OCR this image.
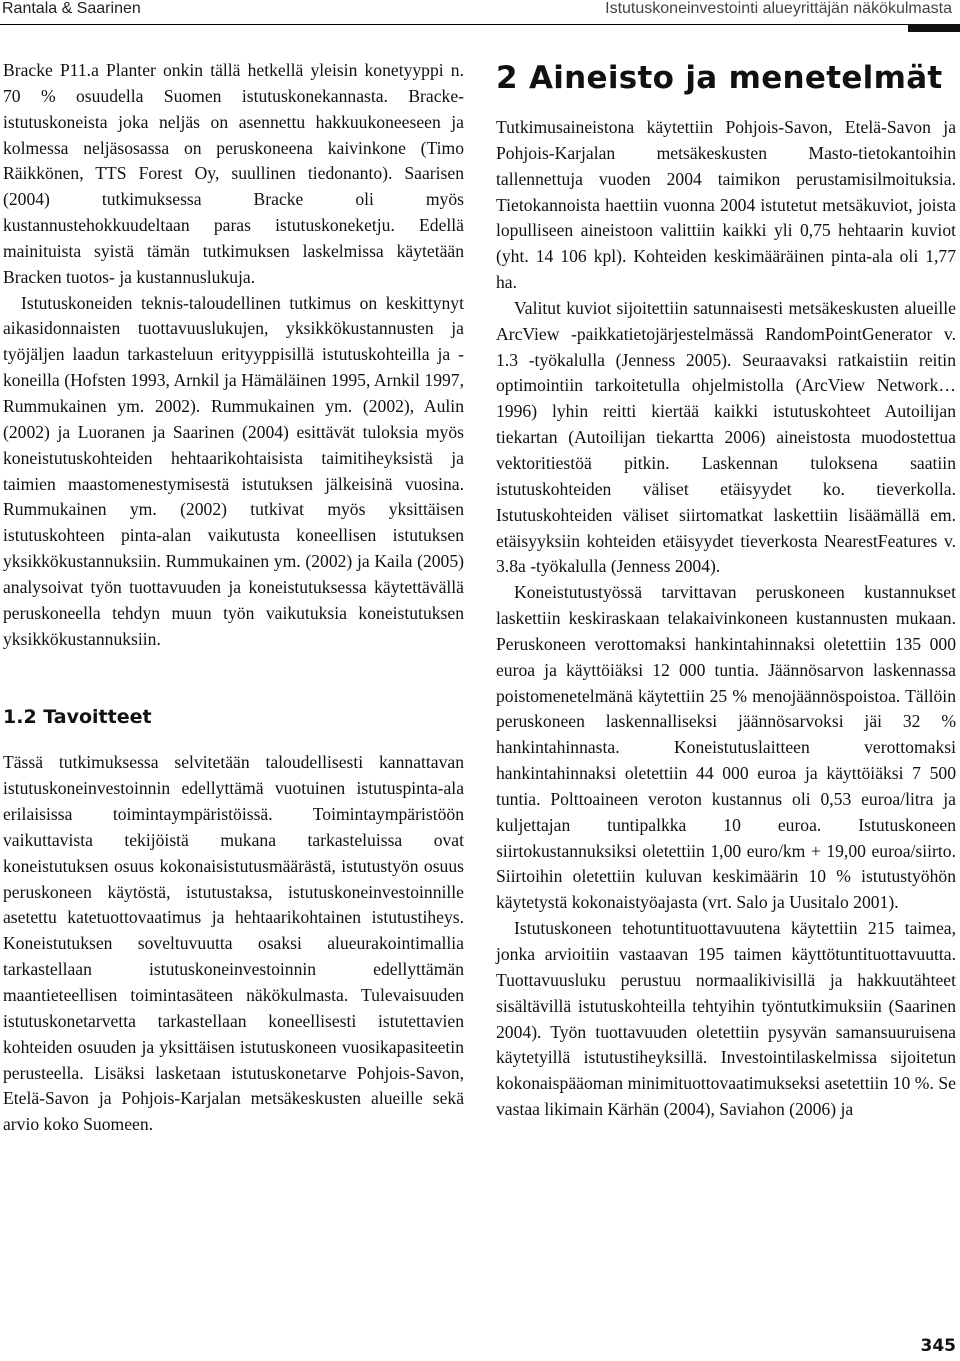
Rantala & Saarinen	Istutuskoneinvestointi alueyrittäjän näkökulmasta

Bracke P11.a Planter onkin tällä hetkellä yleisin konetyyppi n. 70 % osuudella Suomen istutuskonekannasta. Bracke-istutuskoneista joka neljäs on asennettu hakkuukoneeseen ja kolmessa neljäsosassa on peruskoneena kaivinkone (Timo Räikkönen, TTS Forest Oy, suullinen tiedonanto). Saarisen (2004) tutkimuksessa Bracke oli myös kustannustehokkuudeltaan paras istutuskoneketju. Edellä mainituista syistä tämän tutkimuksen laskelmissa käytetään Bracken tuotos- ja kustannuslukuja.

Istutuskoneiden teknis-taloudellinen tutkimus on keskittynyt aikasidonnaisten tuottavuuslukujen, yksikkökustannusten ja työjäljen laadun tarkasteluun erityyppisillä istutuskohteilla ja -koneilla (Hofsten 1993, Arnkil ja Hämäläinen 1995, Arnkil 1997, Rummukainen ym. 2002). Rummukainen ym. (2002), Aulin (2002) ja Luoranen ja Saarinen (2004) esittävät tuloksia myös koneistutuskohteiden hehtaarikohtaisista taimitiheyksistä ja taimien maastomenestymisestä istutuksen jälkeisinä vuosina. Rummukainen ym. (2002) tutkivat myös yksittäisen istutuskohteen pinta-alan vaikutusta koneellisen istutuksen yksikkökustannuksiin. Rummukainen ym. (2002) ja Kaila (2005) analysoivat työn tuottavuuden ja koneistutuksessa käytettävällä peruskoneella tehdyn muun työn vaikutuksia koneistutuksen yksikkökustannuksiin.

1.2 Tavoitteet

Tässä tutkimuksessa selvitetään taloudellisesti kannattavan istutuskoneinvestoinnin edellyttämä vuotuinen istutuspinta-ala erilaisissa toimintaympäristöissä. Toimintaympäristöön vaikuttavista tekijöistä mukana tarkasteluissa ovat koneistutuksen osuus kokonaisistutusmäärästä, istutustyön osuus peruskoneen käytöstä, istutustaksa, istutuskoneinvestoinnille asetettu katetuottovaatimus ja hehtaarikohtainen istutustiheys. Koneistutuksen soveltuvuutta osaksi alueurakointimallia tarkastellaan istutuskoneinvestoinnin edellyttämän maantieteellisen toimintasäteen näkökulmasta. Tulevaisuuden istutuskonetarvetta tarkastellaan koneellisesti istutettavien kohteiden osuuden ja yksittäisen istutuskoneen vuosikapasiteetin perusteella. Lisäksi lasketaan istutuskonetarve Pohjois-Savon, Etelä-Savon ja Pohjois-Karjalan metsäkeskusten alueille sekä arvio koko Suomeen.

2 Aineisto ja menetelmät

Tutkimusaineistona käytettiin Pohjois-Savon, Etelä-Savon ja Pohjois-Karjalan metsäkeskusten Masto-tietokantoihin tallennettuja vuoden 2004 taimikon perustamisilmoituksia. Tietokannoista haettiin vuonna 2004 istutetut metsäkuviot, joista lopulliseen aineistoon valittiin kaikki yli 0,75 hehtaarin kuviot (yht. 14 106 kpl). Kohteiden keskimääräinen pinta-ala oli 1,77 ha.

Valitut kuviot sijoitettiin satunnaisesti metsäkeskusten alueille ArcView -paikkatietojärjestelmässä RandomPointGenerator v. 1.3 -työkalulla (Jenness 2005). Seuraavaksi ratkaistiin reitin optimointiin tarkoitetulla ohjelmistolla (ArcView Network… 1996) lyhin reitti kiertää kaikki istutuskohteet Autoilijan tiekartan (Autoilijan tiekartta 2006) aineistosta muodostettua vektoritiestöä pitkin. Laskennan tuloksena saatiin istutuskohteiden väliset etäisyydet ko. tieverkolla. Istutuskohteiden väliset siirtomatkat laskettiin lisäämällä em. etäisyyksiin kohteiden etäisyydet tieverkosta NearestFeatures v. 3.8a -työkalulla (Jenness 2004).

Koneistutustyössä tarvittavan peruskoneen kustannukset laskettiin keskiraskaan telakaivinkoneen kustannusten mukaan. Peruskoneen verottomaksi hankintahinnaksi oletettiin 135 000 euroa ja käyttöiäksi 12 000 tuntia. Jäännösarvon laskennassa poistomenetelmänä käytettiin 25 % menojäännöspoistoa. Tällöin peruskoneen laskennalliseksi jäännösarvoksi jäi 32 % hankintahinnasta. Koneistutuslaitteen verottomaksi hankintahinnaksi oletettiin 44 000 euroa ja käyttöiäksi 7 500 tuntia. Polttoaineen veroton kustannus oli 0,53 euroa/litra ja kuljettajan tuntipalkka 10 euroa. Istutuskoneen siirtokustannuksiksi oletettiin 1,00 euro/km + 19,00 euroa/siirto. Siirtoihin oletettiin kuluvan keskimäärin 10 % istutustyöhön käytetystä kokonaistyöajasta (vrt. Salo ja Uusitalo 2001).

Istutuskoneen tehotuntituottavuutena käytettiin 215 taimea, jonka arvioitiin vastaavan 195 taimen käyttötuntituottavuutta. Tuottavuusluku perustuu normaalikivisillä ja hakkuutähteet sisältävillä istutuskohteilla tehtyihin työntutkimuksiin (Saarinen 2004). Työn tuottavuuden oletettiin pysyvän samansuuruisena käytetyillä istutustiheyksillä. Investointilaskelmissa sijoitetun kokonaispääoman minimituottovaatimukseksi asetettiin 10 %. Se vastaa likimain Kärhän (2004), Saviahon (2006) ja

345
